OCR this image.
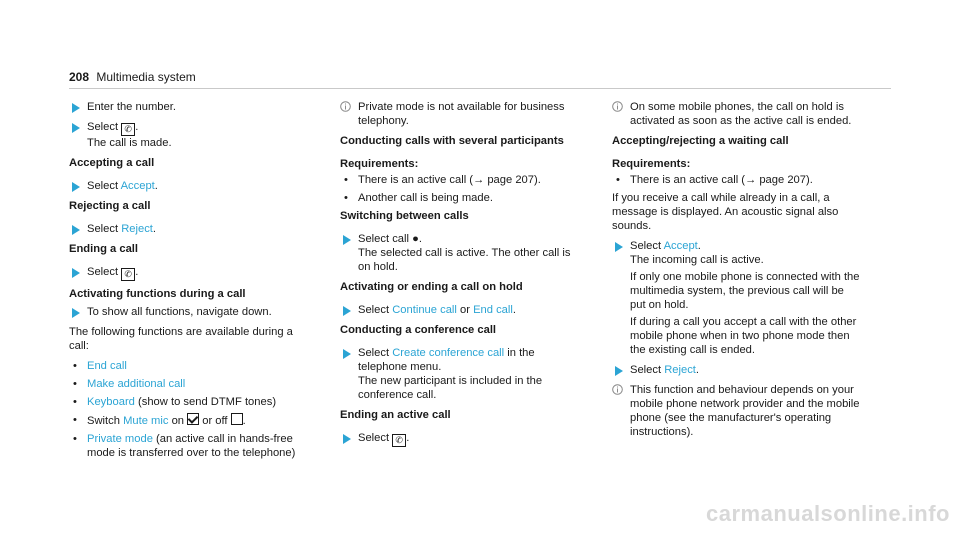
208 Multimedia system
Enter the number.
Select ✆ .
The call is made.
Accepting a call
Select Accept.
Rejecting a call
Select Reject.
Ending a call
Select ✆ .
Activating functions during a call
To show all functions, navigate down.

The following functions are available during a call:

• End call
• Make additional call
• Keyboard (show to send DTMF tones)
• Switch Mute mic on or off .
• Private mode (an active call in hands-free mode is transferred over to the telephone)
Private mode is not available for business telephony.
Conducting calls with several participants
Requirements:
• There is an active call (→ page 207).
• Another call is being made.
Switching between calls
Select call ●.
The selected call is active. The other call is on hold.
Activating or ending a call on hold
Select Continue call or End call.
Conducting a conference call
Select Create conference call in the telephone menu.
The new participant is included in the conference call.
Ending an active call
Select ✆ .
On some mobile phones, the call on hold is activated as soon as the active call is ended.
Accepting/rejecting a waiting call
Requirements:
• There is an active call (→ page 207).

If you receive a call while already in a call, a message is displayed. An acoustic signal also sounds.

Select Accept.
The incoming call is active.
If only one mobile phone is connected with the multimedia system, the previous call will be put on hold.
If during a call you accept a call with the other mobile phone when in two phone mode then the existing call is ended.
Select Reject.
This function and behaviour depends on your mobile phone network provider and the mobile phone (see the manufacturer's operating instructions).
carmanualsonline.info
